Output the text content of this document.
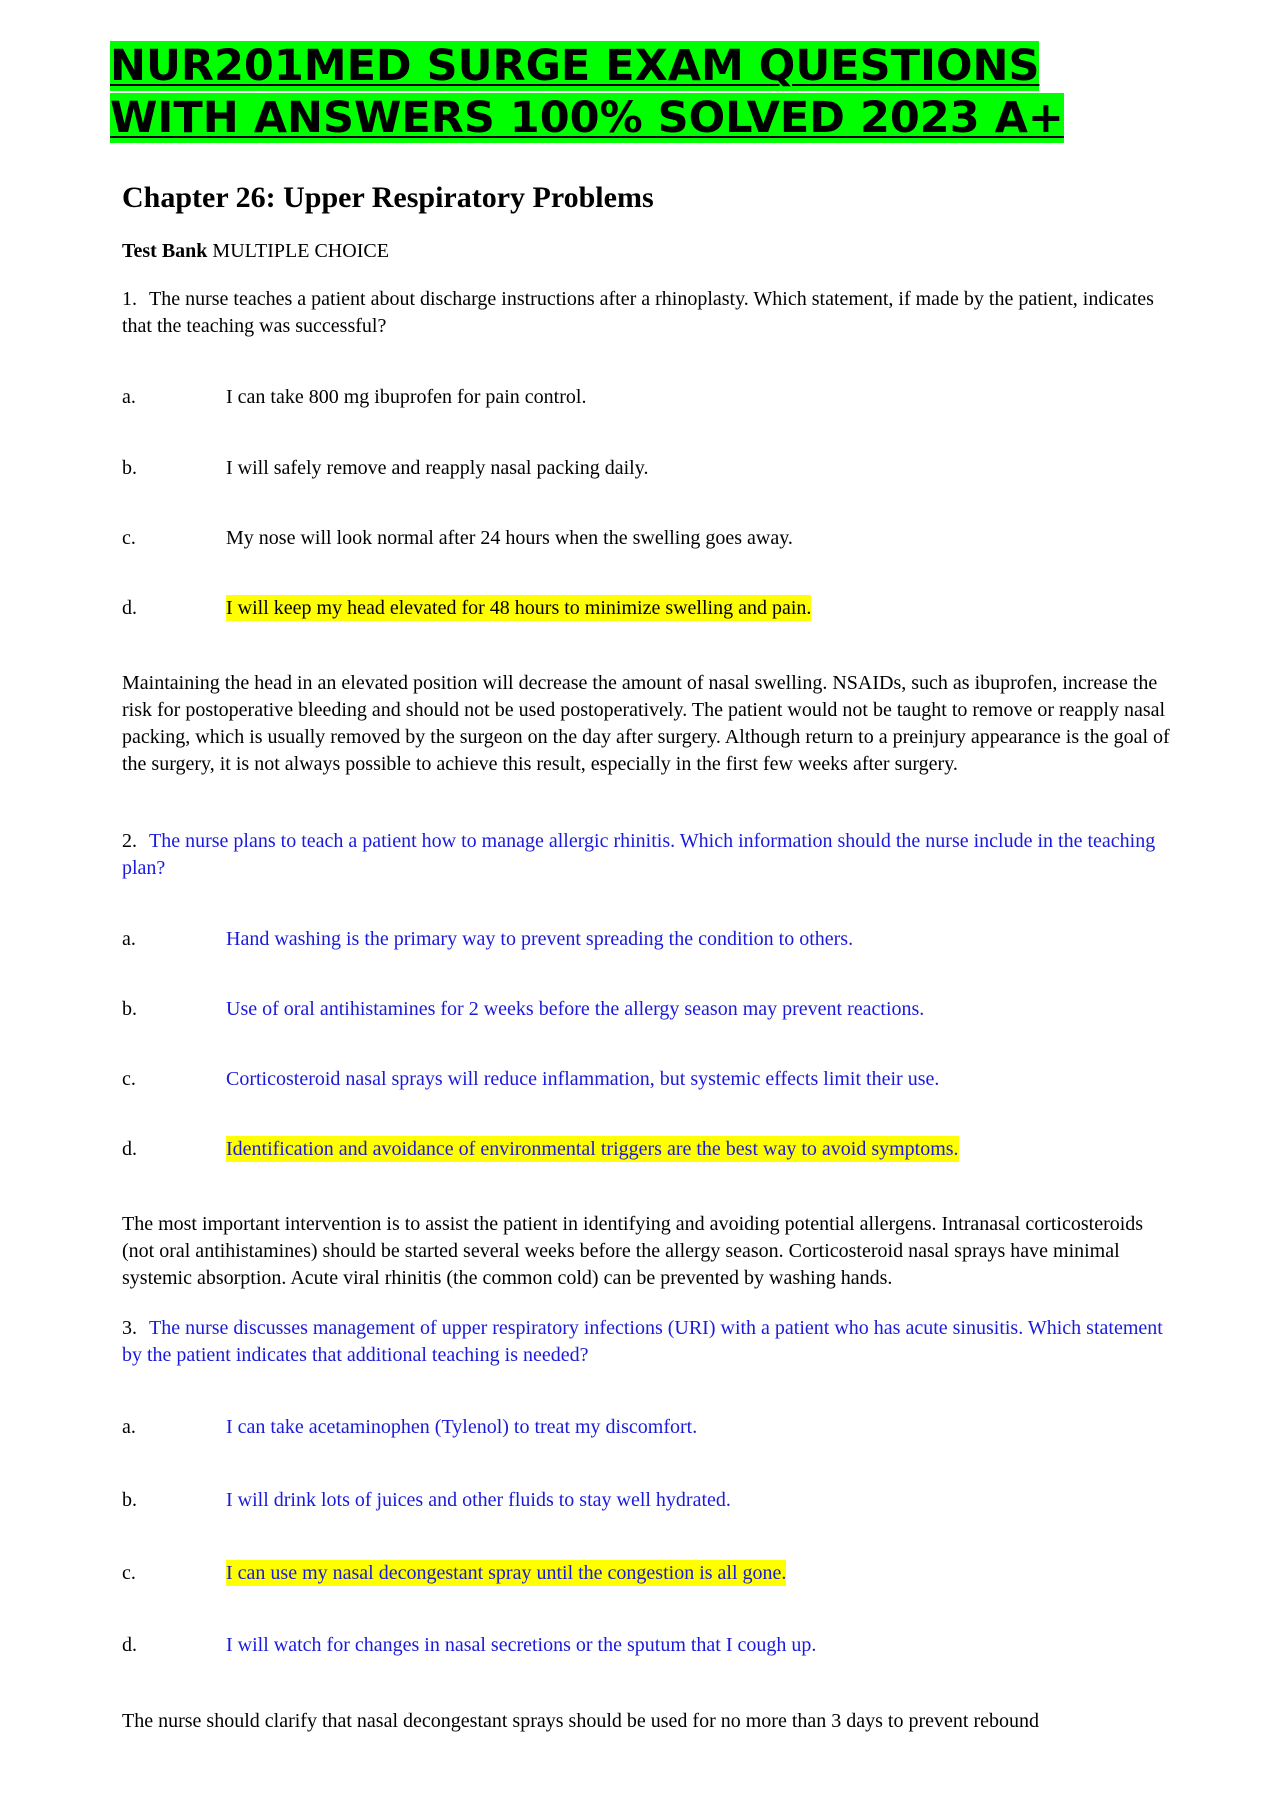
NUR201MED SURGE EXAM QUESTIONS
WITH ANSWERS 100% SOLVED 2023 A+
Chapter 26: Upper Respiratory Problems
Test Bank MULTIPLE CHOICE
1. The nurse teaches a patient about discharge instructions after a rhinoplasty. Which statement, if made by the patient, indicates that the teaching was successful?
a.	I can take 800 mg ibuprofen for pain control.
b.	I will safely remove and reapply nasal packing daily.
c.	My nose will look normal after 24 hours when the swelling goes away.
d.	I will keep my head elevated for 48 hours to minimize swelling and pain.
Maintaining the head in an elevated position will decrease the amount of nasal swelling. NSAIDs, such as ibuprofen, increase the risk for postoperative bleeding and should not be used postoperatively. The patient would not be taught to remove or reapply nasal packing, which is usually removed by the surgeon on the day after surgery. Although return to a preinjury appearance is the goal of the surgery, it is not always possible to achieve this result, especially in the first few weeks after surgery.
2. The nurse plans to teach a patient how to manage allergic rhinitis. Which information should the nurse include in the teaching plan?
a.	Hand washing is the primary way to prevent spreading the condition to others.
b.	Use of oral antihistamines for 2 weeks before the allergy season may prevent reactions.
c.	Corticosteroid nasal sprays will reduce inflammation, but systemic effects limit their use.
d.	Identification and avoidance of environmental triggers are the best way to avoid symptoms.
The most important intervention is to assist the patient in identifying and avoiding potential allergens. Intranasal corticosteroids (not oral antihistamines) should be started several weeks before the allergy season. Corticosteroid nasal sprays have minimal systemic absorption. Acute viral rhinitis (the common cold) can be prevented by washing hands.
3. The nurse discusses management of upper respiratory infections (URI) with a patient who has acute sinusitis. Which statement by the patient indicates that additional teaching is needed?
a.	I can take acetaminophen (Tylenol) to treat my discomfort.
b.	I will drink lots of juices and other fluids to stay well hydrated.
c.	I can use my nasal decongestant spray until the congestion is all gone.
d.	I will watch for changes in nasal secretions or the sputum that I cough up.
The nurse should clarify that nasal decongestant sprays should be used for no more than 3 days to prevent rebound
